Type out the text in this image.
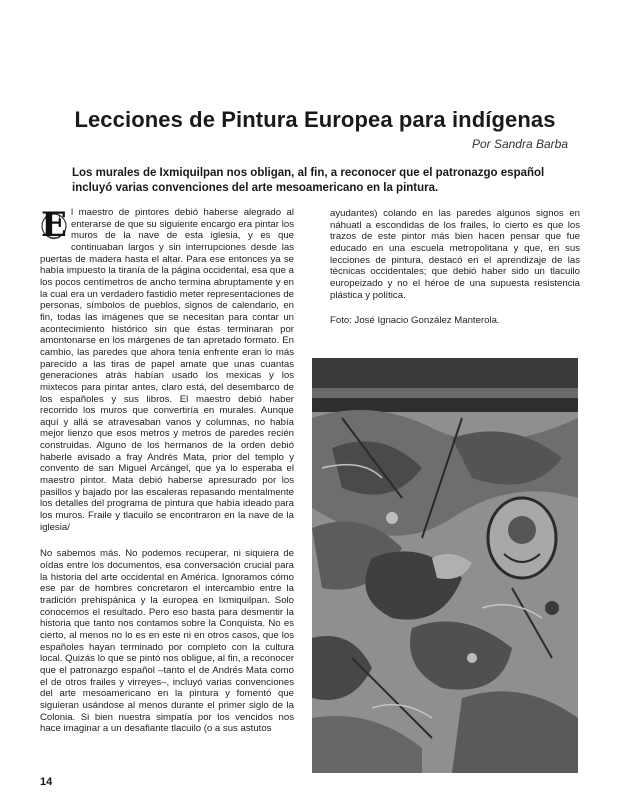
Lecciones de Pintura Europea para indígenas
Por Sandra Barba
Los murales de Ixmiquilpan nos obligan, al fin, a reconocer que el patronazgo español incluyó varias convenciones del arte mesoamericano en la pintura.

E l maestro de pintores debió haberse alegrado al enterarse de que su siguiente encargo era pintar los muros de la nave de esta iglesia, y es que continuaban largos y sin interrupciones desde las puertas de madera hasta el altar. Para ese entonces ya se había impuesto la tiranía de la página occidental, esa que a los pocos centímetros de ancho termina abruptamente y en la cual era un verdadero fastidio meter representaciones de personas, símbolos de pueblos, signos de calendario, en fin, todas las imágenes que se necesitan para contar un acontecimiento histórico sin que éstas terminaran por amontonarse en los márgenes de tan apretado formato. En cambio, las paredes que ahora tenía enfrente eran lo más parecido a las tiras de papel amate que unas cuantas generaciones atrás habían usado los mexicas y los mixtecos para pintar antes, claro está, del desembarco de los españoles y sus libros. El maestro debió haber recorrido los muros que convertiría en murales. Aunque aquí y allá se atravesaban vanos y columnas, no había mejor lienzo que esos metros y metros de paredes recién construidas. Alguno de los hermanos de la orden debió haberle avisado a fray Andrés Mata, prior del templo y convento de san Miguel Arcángel, que ya lo esperaba el maestro pintor. Mata debió haberse apresurado por los pasillos y bajado por las escaleras repasando mentalmente los detalles del programa de pintura que había ideado para los muros. Fraile y tlacuilo se encontraron en la nave de la iglesia/

No sabemos más. No podemos recuperar, ni siquiera de oídas entre los documentos, esa conversación crucial para la historia del arte occidental en América. Ignoramos cómo ese par de hombres concretaron el intercambio entre la tradición prehispánica y la europea en Ixmiquilpan. Solo conocemos el resultado. Pero eso basta para desmentir la historia que tanto nos contamos sobre la Conquista. No es cierto, al menos no lo es en este ni en otros casos, que los españoles hayan terminado por completo con la cultura local. Quizás lo que se pintó nos obligue, al fin, a reconocer que el patronazgo español –tanto el de Andrés Mata como el de otros frailes y virreyes–, incluyó varias convenciones del arte mesoamericano en la pintura y fomentó que siguieran usándose al menos durante el primer siglo de la Colonia. Si bien nuestra simpatía por los vencidos nos hace imaginar a un desafiante tlacuilo (o a sus astutos

ayudantes) colando en las paredes algunos signos en náhuatl a escondidas de los frailes, lo cierto es que los trazos de este pintor más bien hacen pensar que fue educado en una escuela metropolitana y que, en sus lecciones de pintura, destacó en el aprendizaje de las técnicas occidentales; que debió haber sido un tlacuilo europeizado y no el héroe de una supuesta resistencia plástica y política.

Foto: José Ignacio González Manterola.

14
